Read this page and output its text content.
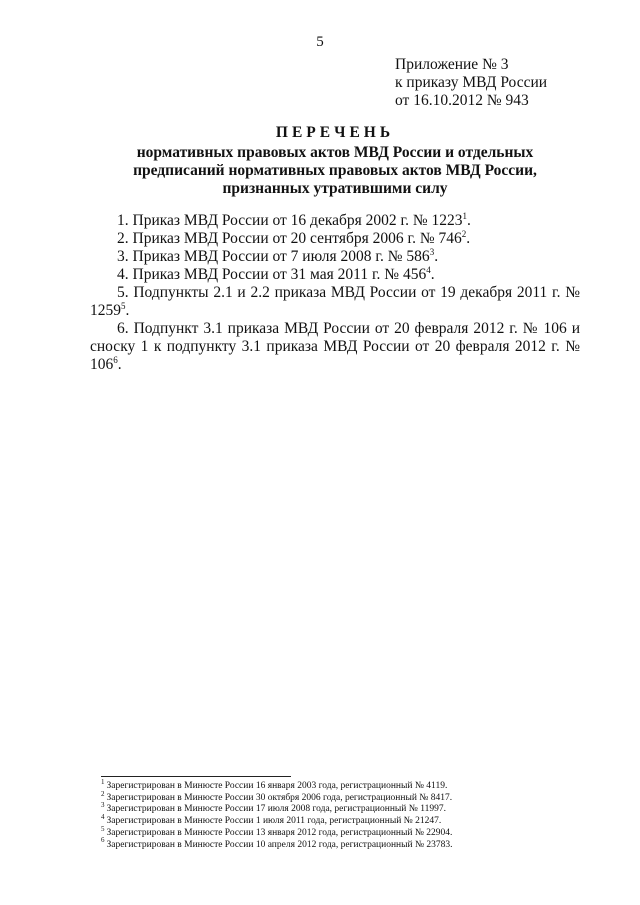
5
Приложение № 3
к приказу МВД России
от 16.10.2012 № 943
ПЕРЕЧЕНЬ
нормативных правовых актов МВД России и отдельных
предписаний нормативных правовых актов МВД России,
признанных утратившими силу

1. Приказ МВД России от 16 декабря 2002 г. № 1223$^1$.

2. Приказ МВД России от 20 сентября 2006 г. № $746^2$.

3. Приказ МВД России от 7 июля 2008 г. № $586^3$.

4. Приказ МВД России от 31 мая 2011 г. № $456^4$.

5. Подпункты 2.1 и 2.2 приказа МВД России от 19 декабря 2011 г. № 1259$^5$.

6. Подпункт 3.1 приказа МВД России от 20 февраля 2012 г. № 106 и сноску 1 к подпункту 3.1 приказа МВД России от 20 февраля 2012 г. № $106^6$.

$^1$ Зарегистрирован в Минюсте России 16 января 2003 года, регистрационный № 4119.
$^2$ Зарегистрирован в Минюсте России 30 октября 2006 года, регистрационный № 8417.
$^3$ Зарегистрирован в Минюсте России 17 июля 2008 года, регистрационный № 11997.
$^4$ Зарегистрирован в Минюсте России 1 июля 2011 года, регистрационный № 21247.
$^5$ Зарегистрирован в Минюсте России 13 января 2012 года, регистрационный № 22904.
$^6$ Зарегистрирован в Минюсте России 10 апреля 2012 года, регистрационный № 23783.
